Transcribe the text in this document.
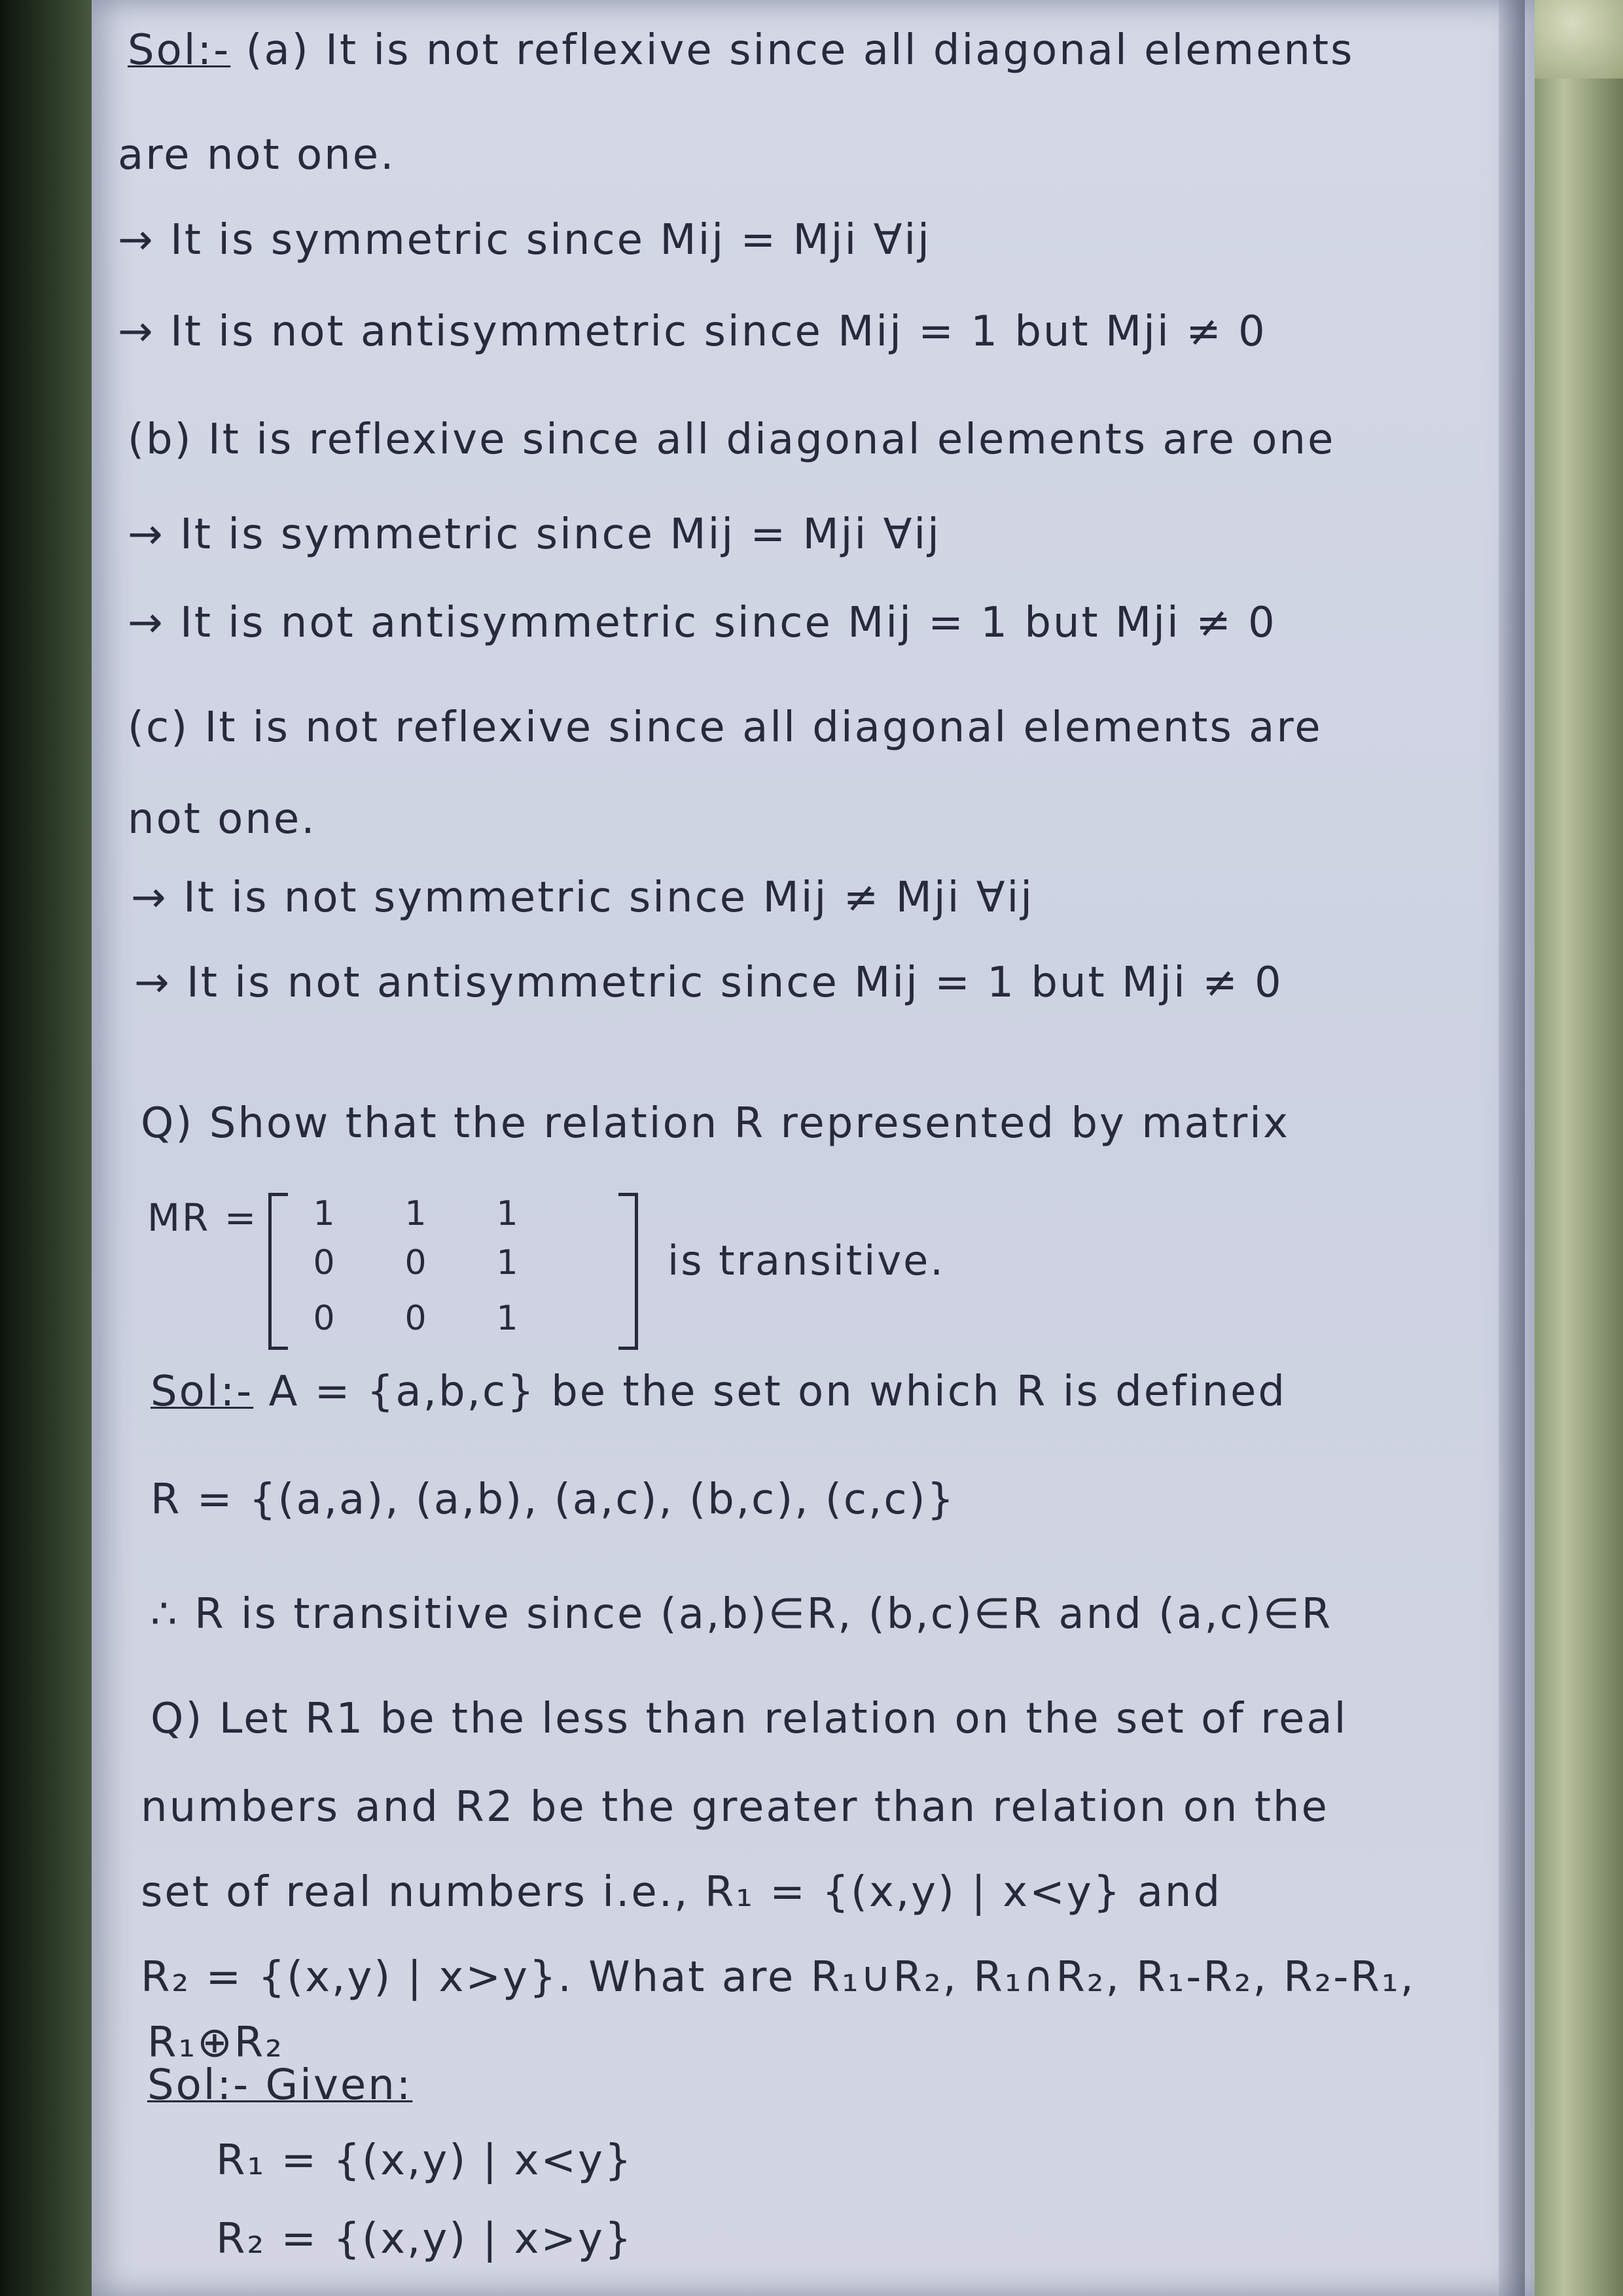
Sol:- (a) It is not reflexive since all diagonal elements
are not one.
→ It is symmetric since Mij = Mji ∀ij
→ It is not antisymmetric since Mij = 1 but Mji ≠ 0
(b) It is reflexive since all diagonal elements are one
→ It is symmetric since Mij = Mji ∀ij
→ It is not antisymmetric since Mij = 1 but Mji ≠ 0
(c) It is not reflexive since all diagonal elements are
not one.
→ It is not symmetric since Mij ≠ Mji ∀ij
→ It is not antisymmetric since Mij = 1 but Mji ≠ 0
Q) Show that the relation R represented by matrix
MR = 1 1 1
0 0 1
0 0 1
is transitive.
Sol:- A = {a,b,c} be the set on which R is defined
R = {(a,a), (a,b), (a,c), (b,c), (c,c)}
∴ R is transitive since (a,b)∈R, (b,c)∈R and (a,c)∈R
Q) Let R1 be the less than relation on the set of real
numbers and R2 be the greater than relation on the
set of real numbers i.e., R₁ = {(x,y) | x<y} and
R₂ = {(x,y) | x>y}. What are R₁∪R₂, R₁∩R₂, R₁-R₂, R₂-R₁,
R₁⊕R₂
Sol:- Given:
R₁ = {(x,y) | x<y}
R₂ = {(x,y) | x>y}
